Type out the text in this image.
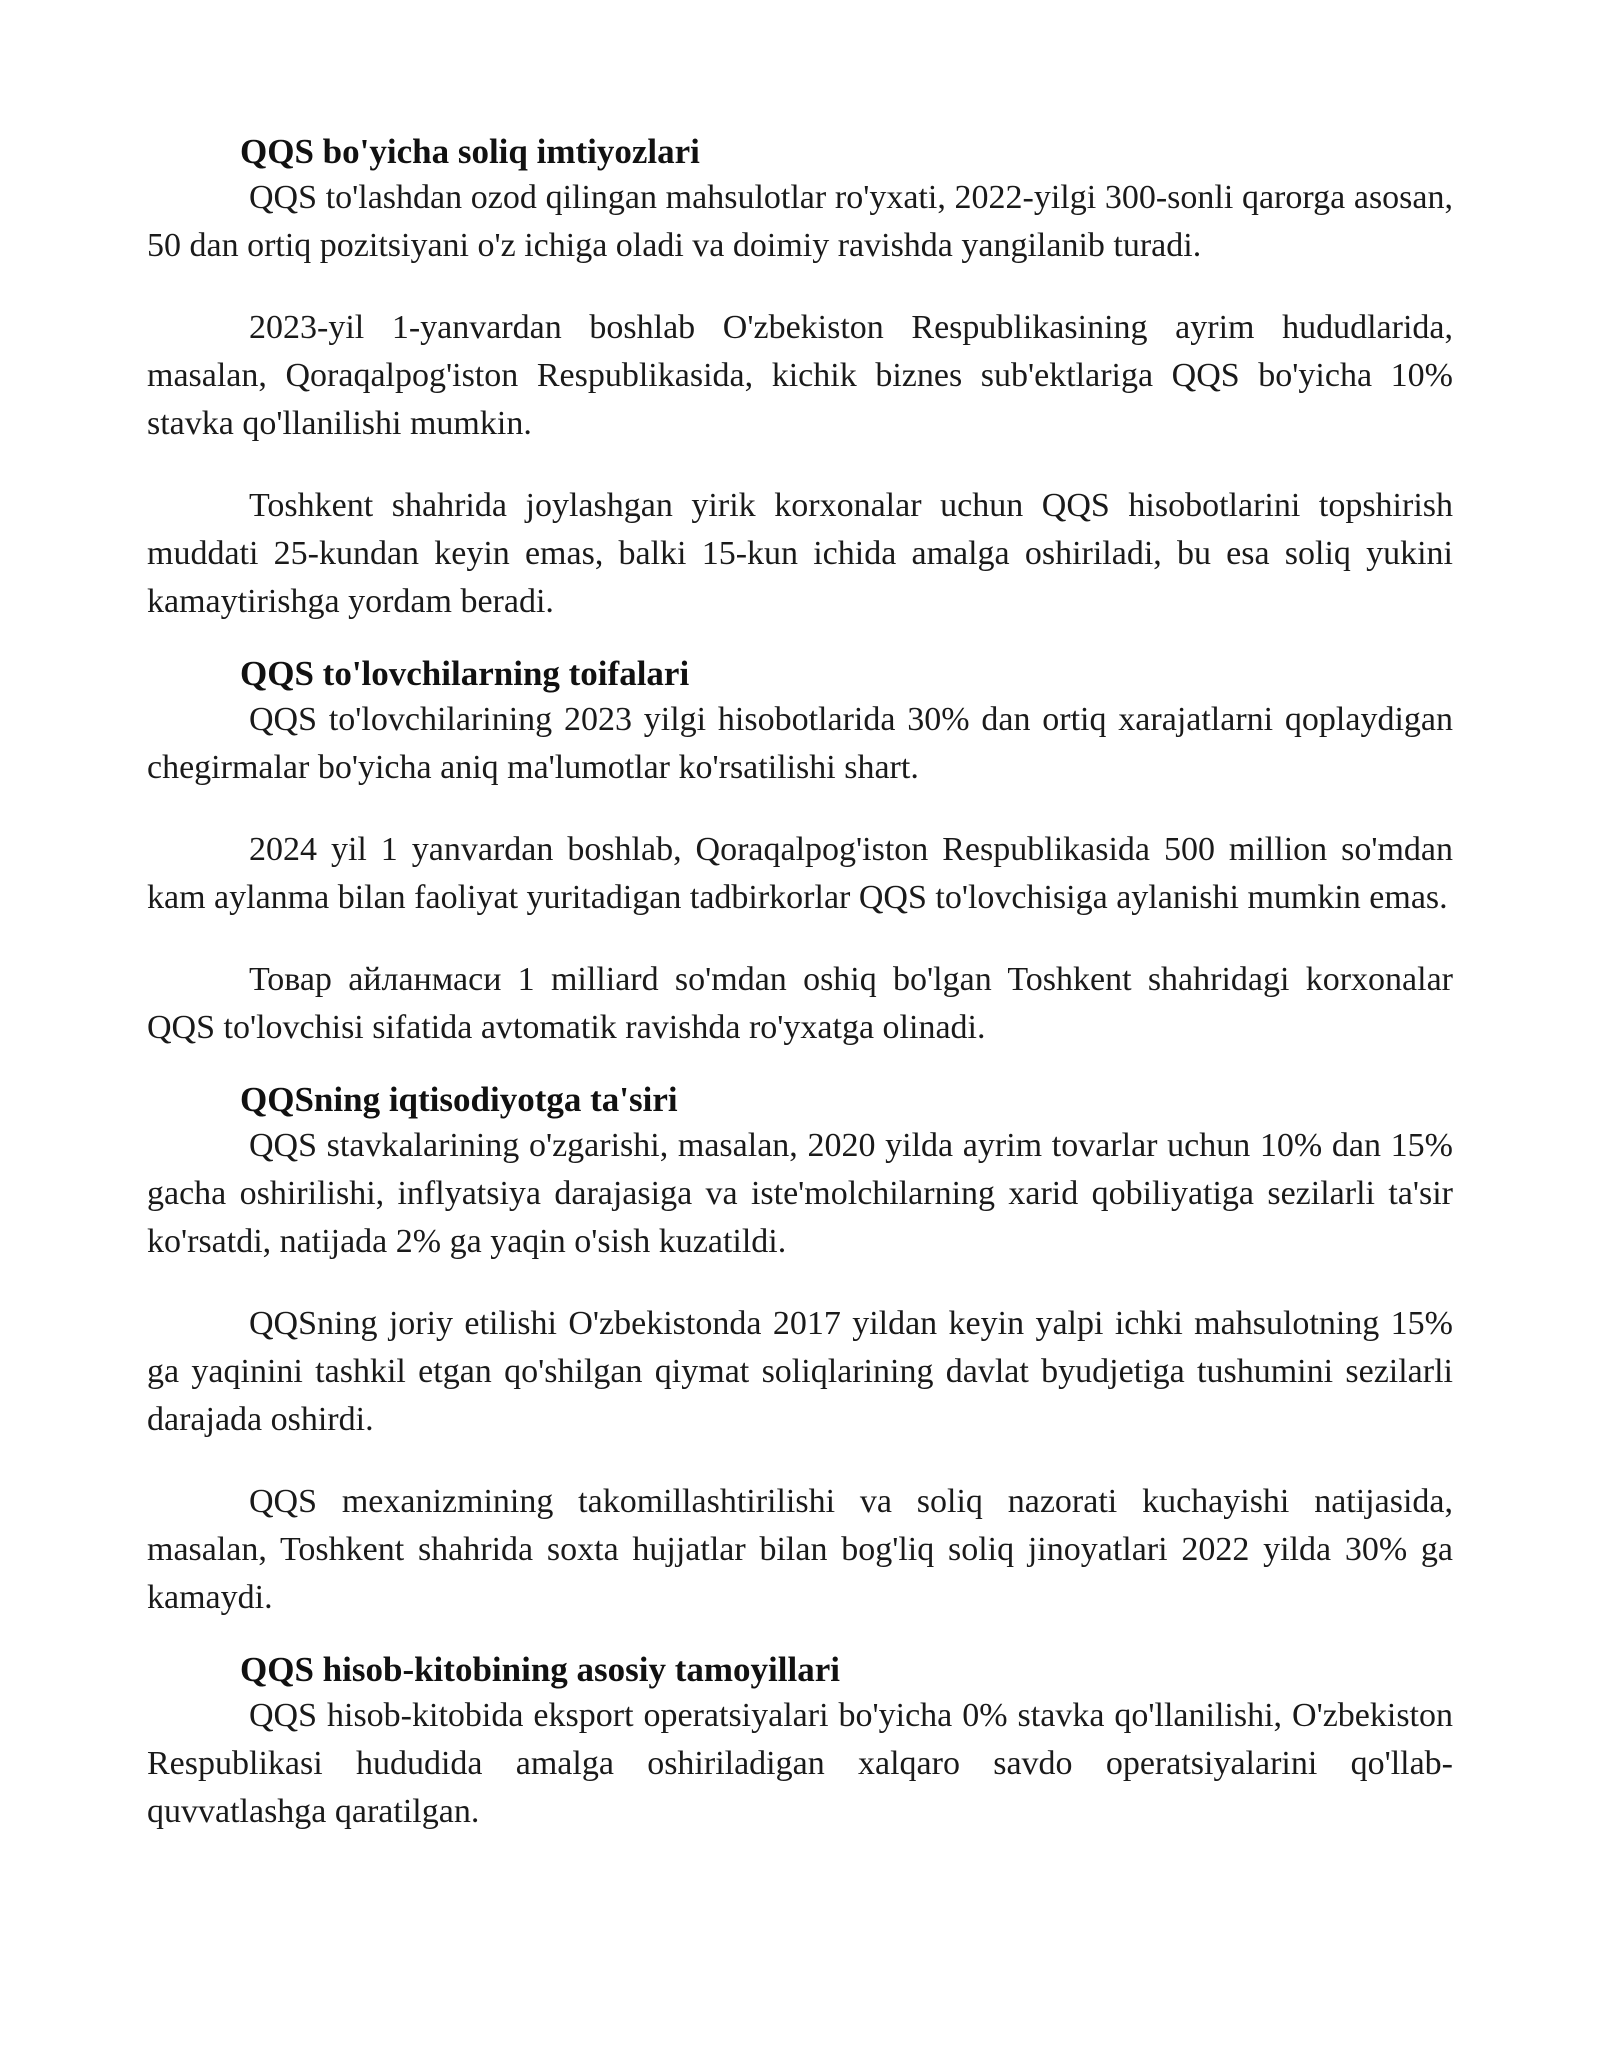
QQS bo'yicha soliq imtiyozlari

QQS to'lashdan ozod qilingan mahsulotlar ro'yxati, 2022-yilgi 300-sonli qarorga asosan, 50 dan ortiq pozitsiyani o'z ichiga oladi va doimiy ravishda yangilanib turadi.

2023-yil 1-yanvardan boshlab O'zbekiston Respublikasining ayrim hududlarida, masalan, Qoraqalpog'iston Respublikasida, kichik biznes sub'ektlariga QQS bo'yicha 10% stavka qo'llanilishi mumkin.

Toshkent shahrida joylashgan yirik korxonalar uchun QQS hisobotlarini topshirish muddati 25-kundan keyin emas, balki 15-kun ichida amalga oshiriladi, bu esa soliq yukini kamaytirishga yordam beradi.

QQS to'lovchilarning toifalari

QQS to'lovchilarining 2023 yilgi hisobotlarida 30% dan ortiq xarajatlarni qoplaydigan chegirmalar bo'yicha aniq ma'lumotlar ko'rsatilishi shart.

2024 yil 1 yanvardan boshlab, Qoraqalpog'iston Respublikasida 500 million so'mdan kam aylanma bilan faoliyat yuritadigan tadbirkorlar QQS to'lovchisiga aylanishi mumkin emas.

Товар айланмаси 1 milliard so'mdan oshiq bo'lgan Toshkent shahridagi korxonalar QQS to'lovchisi sifatida avtomatik ravishda ro'yxatga olinadi.

QQSning iqtisodiyotga ta'siri

QQS stavkalarining o'zgarishi, masalan, 2020 yilda ayrim tovarlar uchun 10% dan 15% gacha oshirilishi, inflyatsiya darajasiga va iste'molchilarning xarid qobiliyatiga sezilarli ta'sir ko'rsatdi, natijada 2% ga yaqin o'sish kuzatildi.

QQSning joriy etilishi O'zbekistonda 2017 yildan keyin yalpi ichki mahsulotning 15% ga yaqinini tashkil etgan qo'shilgan qiymat soliqlarining davlat byudjetiga tushumini sezilarli darajada oshirdi.

QQS mexanizmining takomillashtirilishi va soliq nazorati kuchayishi natijasida, masalan, Toshkent shahrida soxta hujjatlar bilan bog'liq soliq jinoyatlari 2022 yilda 30% ga kamaydi.

QQS hisob-kitobining asosiy tamoyillari

QQS hisob-kitobida eksport operatsiyalari bo'yicha 0% stavka qo'llanilishi, O'zbekiston Respublikasi hududida amalga oshiriladigan xalqaro savdo operatsiyalarini qo'llab-quvvatlashga qaratilgan.
